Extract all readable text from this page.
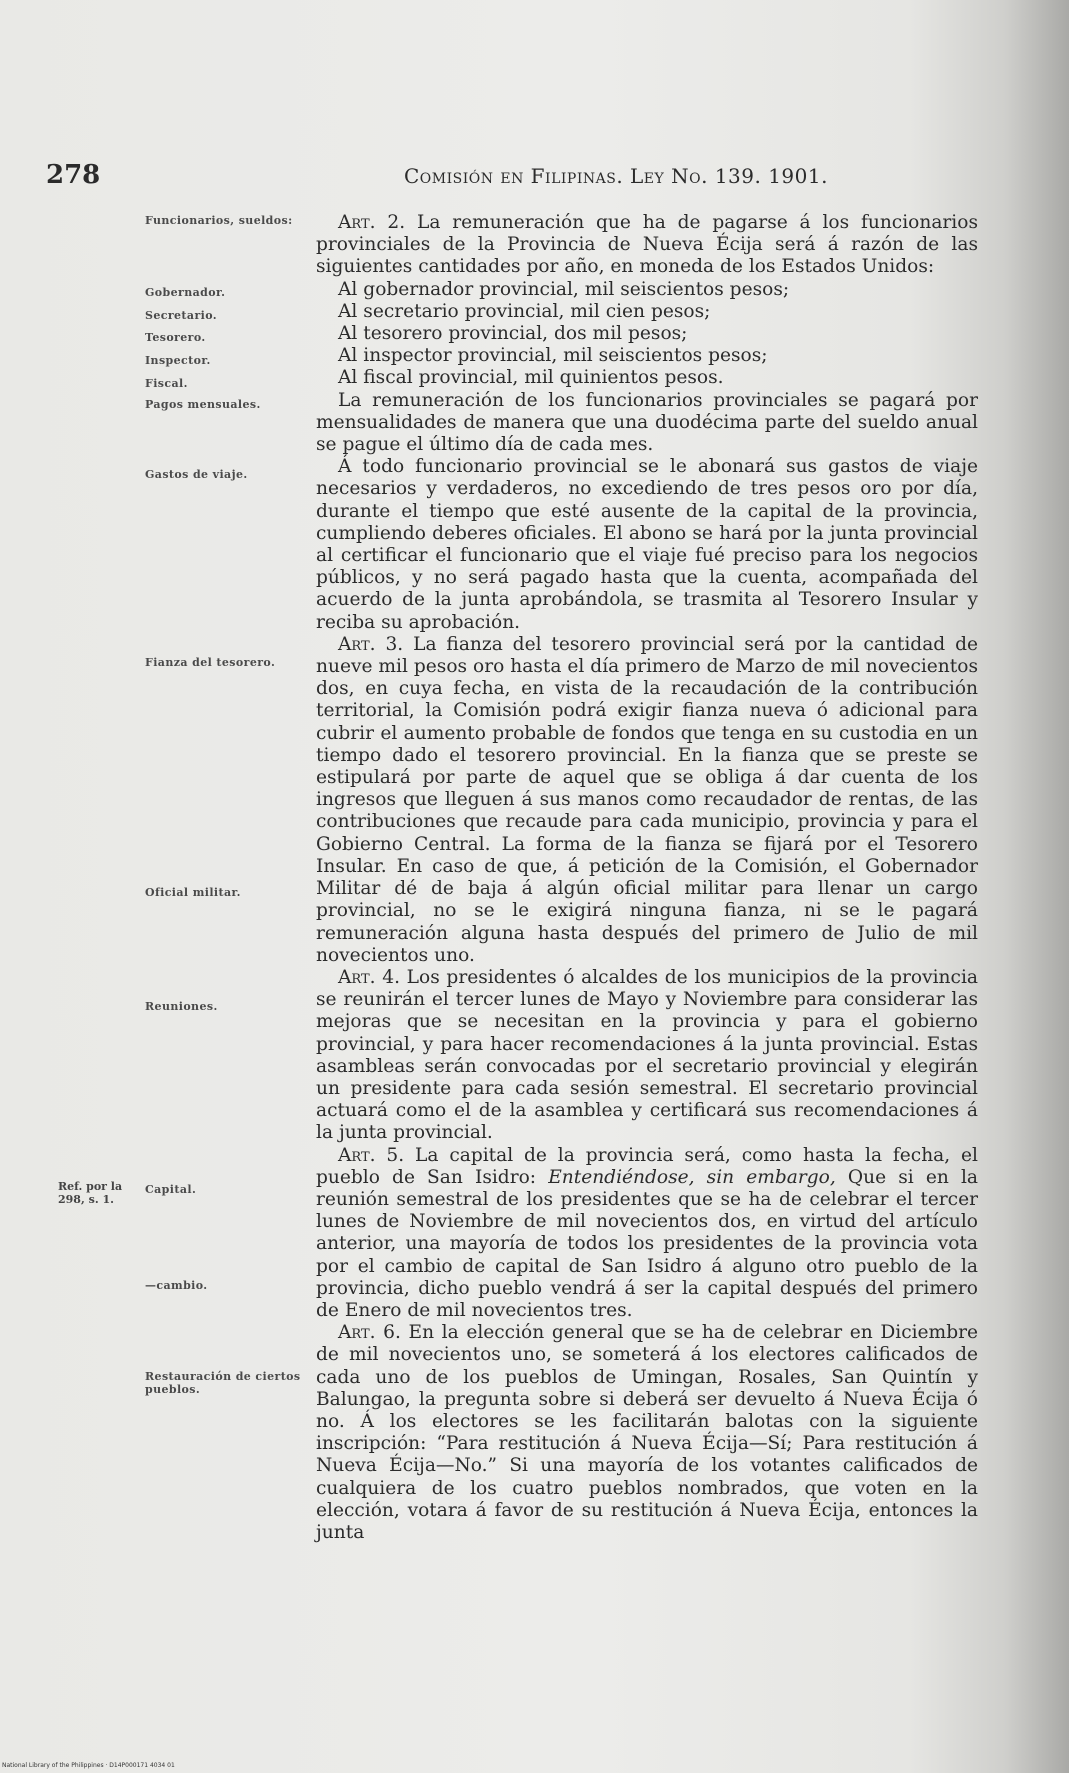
278	Comisión en Filipinas. Ley No. 139. 1901.
Ref. por la 298, s. 1.
Funcionarios, sueldos:
Gobernador.
Secretario.
Tesorero.
Inspector.
Fiscal.
Pagos mensuales.
Gastos de viaje.
Fianza del tesorero.
Oficial militar.
Reuniones.
Capital.
—cambio.
Restauración de ciertos pueblos.

Art. 2. La remuneración que ha de pagarse á los funcionarios provinciales de la Provincia de Nueva Écija será á razón de las siguientes cantidades por año, en moneda de los Estados Unidos:

Al gobernador provincial, mil seiscientos pesos;

Al secretario provincial, mil cien pesos;

Al tesorero provincial, dos mil pesos;

Al inspector provincial, mil seiscientos pesos;

Al fiscal provincial, mil quinientos pesos.

La remuneración de los funcionarios provinciales se pagará por mensualidades de manera que una duodécima parte del sueldo anual se pague el último día de cada mes.

Á todo funcionario provincial se le abonará sus gastos de viaje necesarios y verdaderos, no excediendo de tres pesos oro por día, durante el tiempo que esté ausente de la capital de la provincia, cumpliendo deberes oficiales. El abono se hará por la junta provincial al certificar el funcionario que el viaje fué preciso para los negocios públicos, y no será pagado hasta que la cuenta, acompañada del acuerdo de la junta aprobándola, se trasmita al Tesorero Insular y reciba su aprobación.

Art. 3. La fianza del tesorero provincial será por la cantidad de nueve mil pesos oro hasta el día primero de Marzo de mil novecientos dos, en cuya fecha, en vista de la recaudación de la contribución territorial, la Comisión podrá exigir fianza nueva ó adicional para cubrir el aumento probable de fondos que tenga en su custodia en un tiempo dado el tesorero provincial. En la fianza que se preste se estipulará por parte de aquel que se obliga á dar cuenta de los ingresos que lleguen á sus manos como recaudador de rentas, de las contribuciones que recaude para cada municipio, provincia y para el Gobierno Central. La forma de la fianza se fijará por el Tesorero Insular. En caso de que, á petición de la Comisión, el Gobernador Militar dé de baja á algún oficial militar para llenar un cargo provincial, no se le exigirá ninguna fianza, ni se le pagará remuneración alguna hasta después del primero de Julio de mil novecientos uno.

Art. 4. Los presidentes ó alcaldes de los municipios de la provincia se reunirán el tercer lunes de Mayo y Noviembre para considerar las mejoras que se necesitan en la provincia y para el gobierno provincial, y para hacer recomendaciones á la junta provincial. Estas asambleas serán convocadas por el secretario provincial y elegirán un presidente para cada sesión semestral. El secretario provincial actuará como el de la asamblea y certificará sus recomendaciones á la junta provincial.

Art. 5. La capital de la provincia será, como hasta la fecha, el pueblo de San Isidro: Entendiéndose, sin embargo, Que si en la reunión semestral de los presidentes que se ha de celebrar el tercer lunes de Noviembre de mil novecientos dos, en virtud del artículo anterior, una mayoría de todos los presidentes de la provincia vota por el cambio de capital de San Isidro á alguno otro pueblo de la provincia, dicho pueblo vendrá á ser la capital después del primero de Enero de mil novecientos tres.

Art. 6. En la elección general que se ha de celebrar en Diciembre de mil novecientos uno, se someterá á los electores calificados de cada uno de los pueblos de Umingan, Rosales, San Quintín y Balungao, la pregunta sobre si deberá ser devuelto á Nueva Écija ó no. Á los electores se les facilitarán balotas con la siguiente inscripción: “Para restitución á Nueva Écija—Sí; Para restitución á Nueva Écija—No.” Si una mayoría de los votantes calificados de cualquiera de los cuatro pueblos nombrados, que voten en la elección, votara á favor de su restitución á Nueva Écija, entonces la junta

National Library of the Philippines · D14P000171 4034 01
